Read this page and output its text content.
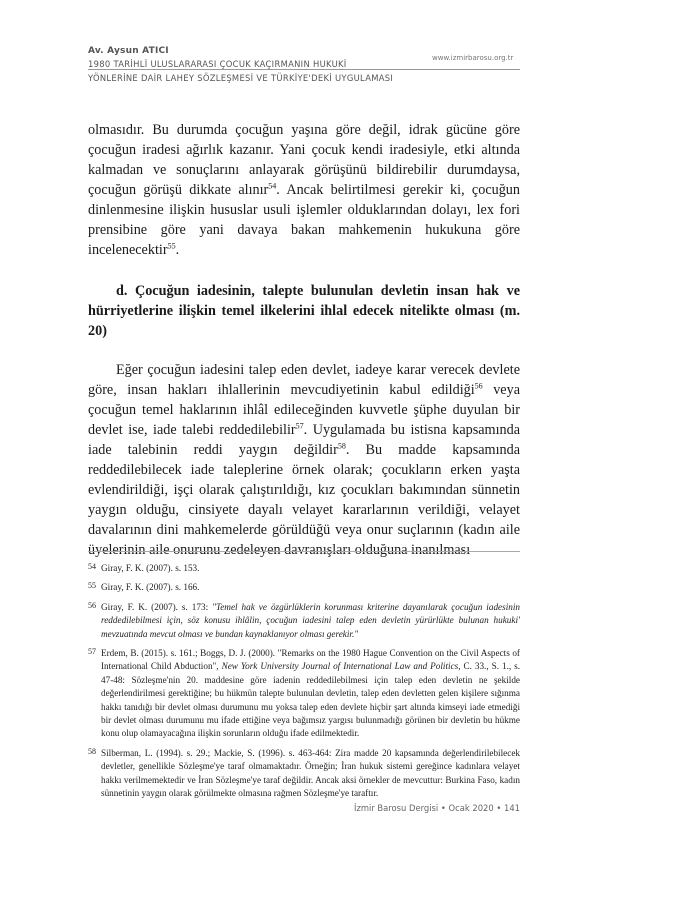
Av. Aysun ATICI
1980 TARİHLİ ULUSLARARASI ÇOCUK KAÇIRMANIN HUKUKİ
YÖNLERİNE DAİR LAHEY SÖZLEŞMESİ VE TÜRKİYE'DEKİ UYGULAMASI
www.izmirbarosu.org.tr

olmasıdır. Bu durumda çocuğun yaşına göre değil, idrak gücüne göre çocuğun iradesi ağırlık kazanır. Yani çocuk kendi iradesiyle, etki altında kalmadan ve sonuçlarını anlayarak görüşünü bildirebilir durumdaysa, çocuğun görüşü dikkate alınır$^{54}$. Ancak belirtilmesi gerekir ki, çocuğun dinlenmesine ilişkin hususlar usuli işlemler olduklarından dolayı, lex fori prensibine göre yani davaya bakan mahkemenin hukukuna göre incelenecektir$^{55}$.

d. Çocuğun iadesinin, talepte bulunulan devletin insan hak ve hürriyetlerine ilişkin temel ilkelerini ihlal edecek nitelikte olması (m. 20)

Eğer çocuğun iadesini talep eden devlet, iadeye karar verecek devlete göre, insan hakları ihlallerinin mevcudiyetinin kabul edildiği$^{56}$ veya çocuğun temel haklarının ihlâl edileceğinden kuvvetle şüphe duyulan bir devlet ise, iade talebi reddedilebilir$^{57}$. Uygulamada bu istisna kapsamında iade talebinin reddi yaygın değildir$^{58}$. Bu madde kapsamında reddedilebilecek iade taleplerine örnek olarak; çocukların erken yaşta evlendirildiği, işçi olarak çalıştırıldığı, kız çocukları bakımından sünnetin yaygın olduğu, cinsiyete dayalı velayet kararlarının verildiği, velayet davalarının dini mahkemelerde görüldüğü veya onur suçlarının (kadın aile üyelerinin aile onurunu zedeleyen davranışları olduğuna inanılması

54 Giray, F. K. (2007). s. 153.
55 Giray, F. K. (2007). s. 166.
56 Giray, F. K. (2007). s. 173: "Temel hak ve özgürlüklerin korunması kriterine dayanılarak çocuğun iadesinin reddedilebilmesi için, söz konusu ihlâlin, çocuğun iadesini talep eden devletin yürürlükte bulunan hukuki' mevzuatında mevcut olması ve bundan kaynaklanıyor olması gerekir."
57 Erdem, B. (2015). s. 161.; Boggs, D. J. (2000). "Remarks on the 1980 Hague Convention on the Civil Aspects of International Child Abduction", New York University Journal of International Law and Politics, C. 33., S. 1., s. 47-48: Sözleşme'nin 20. maddesine göre iadenin reddedilebilmesi için talep eden devletin ne şekilde değerlendirilmesi gerektiğine; bu hükmün talepte bulunulan devletin, talep eden devletten gelen kişilere sığınma hakkı tanıdığı bir devlet olması durumunu mu yoksa talep eden devlete hiçbir şart altında kimseyi iade etmediği bir devlet olması durumunu mu ifade ettiğine veya bağımsız yargısı bulunmadığı görünen bir devletin bu hükme konu olup olamayacağına ilişkin sorunların olduğu ifade edilmektedir.
58 Silberman, L. (1994). s. 29.; Mackie, S. (1996). s. 463-464: Zira madde 20 kapsamında değerlendirilebilecek devletler, genellikle Sözleşme'ye taraf olmamaktadır. Örneğin; İran hukuk sistemi gereğince kadınlara velayet hakkı verilmemektedir ve İran Sözleşme'ye taraf değildir. Ancak aksi örnekler de mevcuttur: Burkina Faso, kadın sünnetinin yaygın olarak görülmekte olmasına rağmen Sözleşme'ye taraftır.
İzmir Barosu Dergisi • Ocak 2020 • 141
